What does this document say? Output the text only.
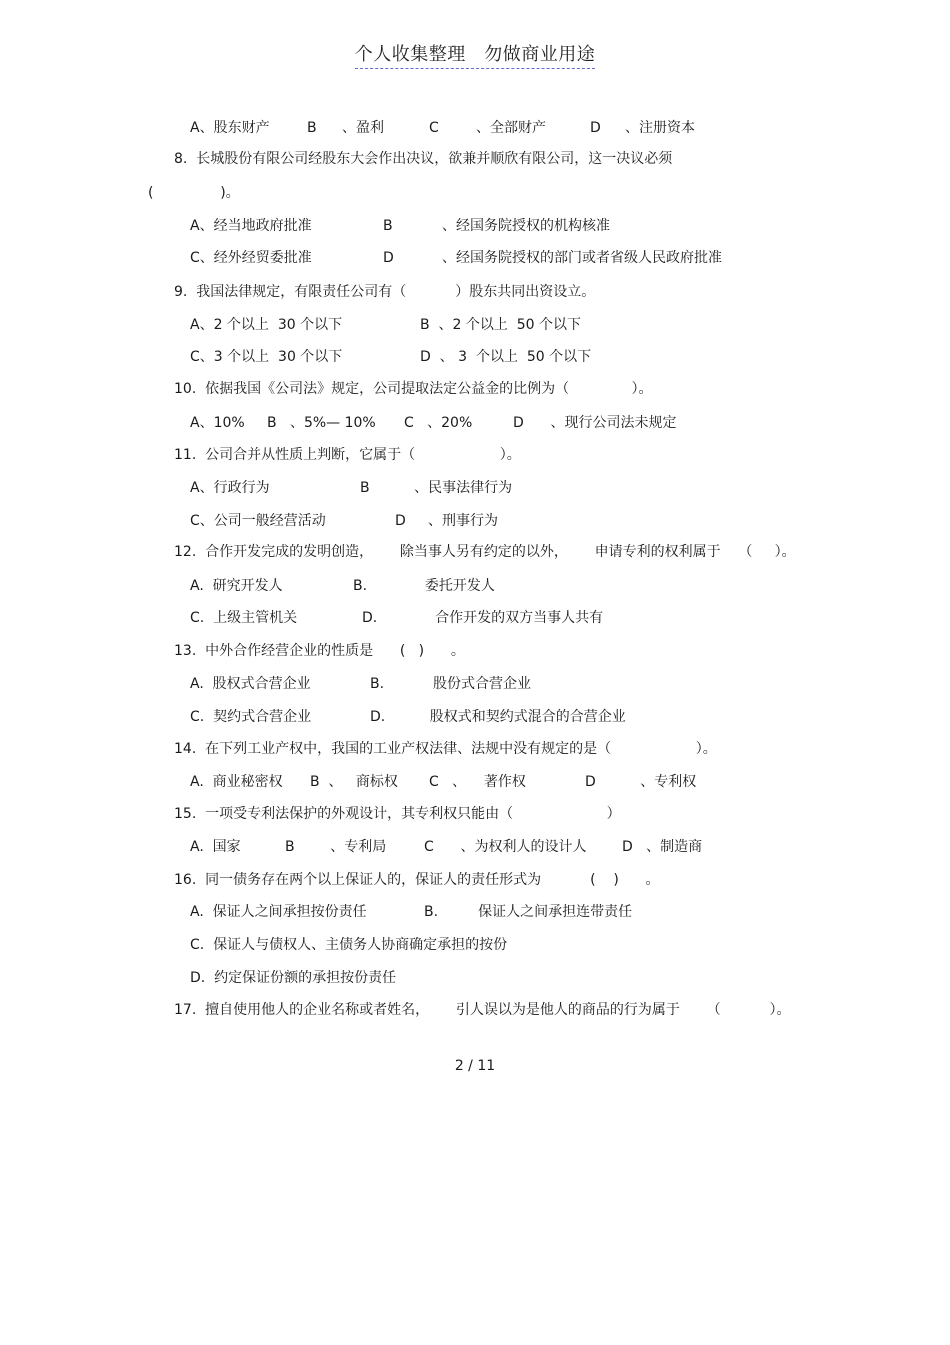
个人收集整理　勿做商业用途
A、股东财产	B 、盈利	C	、全部财产	D 、注册资本
8.  长城股份有限公司经股东大会作出决议，欲兼并顺欣有限公司，这一决议必须
(               )。
A、经当地政府批准	B	、经国务院授权的机构核准
C、经外经贸委批准	D	、经国务院授权的部门或者省级人民政府批准
9.  我国法律规定，有限责任公司有（           ）股东共同出资设立。
A、2 个以上  30 个以下	B  、2 个以上  50 个以下
C、3 个以上  30 个以下	D  、 3  个以上  50 个以下
10.  依据我国《公司法》规定，公司提取法定公益金的比例为（              ）。
A、10% B   、5%— 10% C   、20%	D      、现行公司法未规定
11.  公司合并从性质上判断，它属于（                   ）。
A、行政行为	B          、民事法律行为
C、公司一般经营活动	D     、刑事行为
12.  合作开发完成的发明创造，      除当事人另有约定的以外，      申请专利的权利属于    （     ）。
A.  研究开发人	B.             委托开发人
C.  上级主管机关	D.             合作开发的双方当事人共有
13.  中外合作经营企业的性质是      (   )      。
A.  股权式合营企业	B.           股份式合营企业
C.  契约式合营企业	D.          股权式和契约式混合的合营企业
14.  在下列工业产权中，我国的工业产权法律、法规中没有规定的是（                   ）。
A.  商业秘密权 B  、   商标权 C   、    著作权	D          、专利权
15.  一项受专利法保护的外观设计，其专利权只能由（                     ）
A.  国家	B        、专利局	C      、为权利人的设计人	D   、制造商
16.  同一债务存在两个以上保证人的，保证人的责任形式为           (    )      。
A.  保证人之间承担按份责任	B.         保证人之间承担连带责任
C.  保证人与债权人、主债务人协商确定承担的按份
D.  约定保证份额的承担按份责任
17.  擅自使用他人的企业名称或者姓名，      引人误以为是他人的商品的行为属于      （           ）。
2 / 11
